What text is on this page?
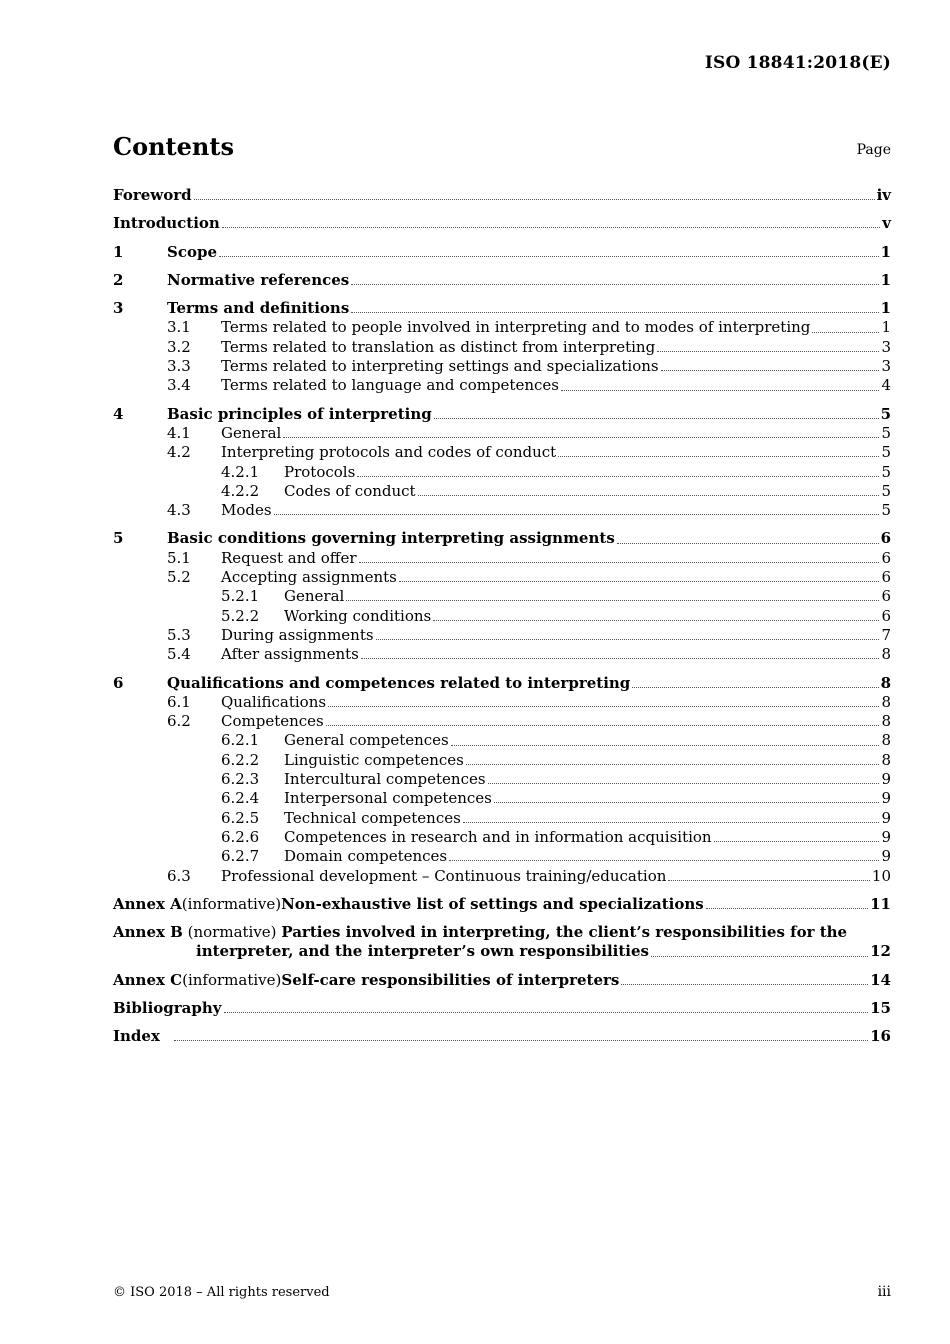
ISO 18841:2018(E)
Contents	Page
Foreword	iv
Introduction	v
1	Scope	1
2	Normative references	1
3	Terms and definitions	1
3.1	Terms related to people involved in interpreting and to modes of interpreting	1
3.2	Terms related to translation as distinct from interpreting	3
3.3	Terms related to interpreting settings and specializations	3
3.4	Terms related to language and competences	4
4	Basic principles of interpreting	5
4.1	General	5
4.2	Interpreting protocols and codes of conduct	5
4.2.1	Protocols	5
4.2.2	Codes of conduct	5
4.3	Modes	5
5	Basic conditions governing interpreting assignments	6
5.1	Request and offer	6
5.2	Accepting assignments	6
5.2.1	General	6
5.2.2	Working conditions	6
5.3	During assignments	7
5.4	After assignments	8
6	Qualifications and competences related to interpreting	8
6.1	Qualifications	8
6.2	Competences	8
6.2.1	General competences	8
6.2.2	Linguistic competences	8
6.2.3	Intercultural competences	9
6.2.4	Interpersonal competences	9
6.2.5	Technical competences	9
6.2.6	Competences in research and in information acquisition	9
6.2.7	Domain competences	9
6.3	Professional development – Continuous training/education	10
Annex A (informative) Non-exhaustive list of settings and specializations	11
Annex B (normative) Parties involved in interpreting, the client’s responsibilities for the
interpreter, and the interpreter’s own responsibilities	12
Annex C (informative) Self-care responsibilities of interpreters	14
Bibliography	15
Index	16
© ISO 2018 – All rights reserved	iii
